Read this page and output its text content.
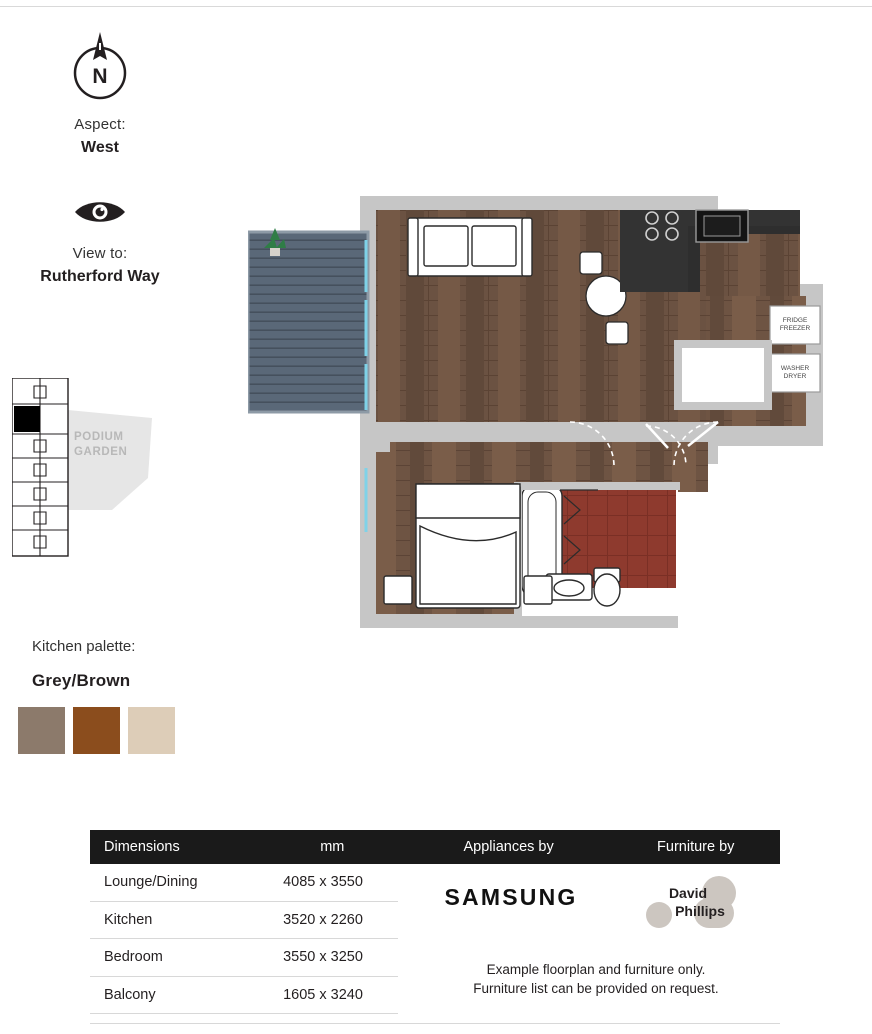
N
Aspect:
West
View to:
Rutherford Way
PODIUM GARDEN
Kitchen palette:
Grey/Brown
FRIDGE
FREEZER
WASHER
DRYER
Dimensions	mm	Appliances by	Furniture by
Lounge/Dining	4085 x 3550
Kitchen	3520 x 2260
Bedroom	3550 x 3250
Balcony	1605 x 3240
SAMSUNG	David
Phillips
Example floorplan and furniture only.
Furniture list can be provided on request.
